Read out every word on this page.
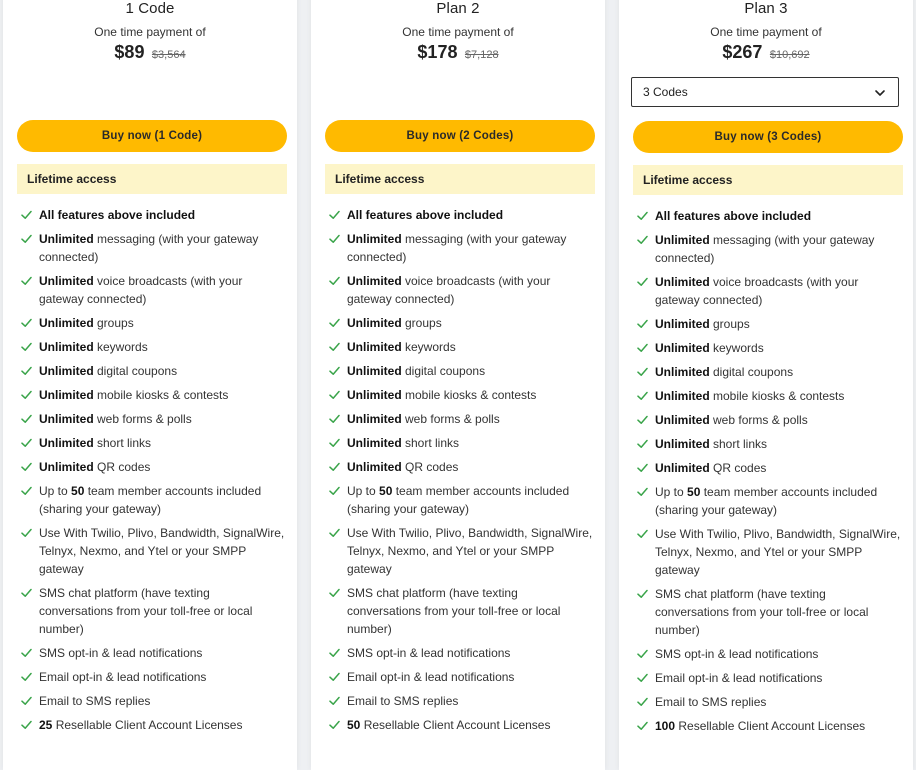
1 Code
One time payment of
$89 $3,564
Buy now (1 Code)
Lifetime access
All features above included
Unlimited messaging (with your gateway connected)
Unlimited voice broadcasts (with your gateway connected)
Unlimited groups
Unlimited keywords
Unlimited digital coupons
Unlimited mobile kiosks & contests
Unlimited web forms & polls
Unlimited short links
Unlimited QR codes
Up to 50 team member accounts included (sharing your gateway)
Use With Twilio, Plivo, Bandwidth, SignalWire, Telnyx, Nexmo, and Ytel or your SMPP gateway
SMS chat platform (have texting conversations from your toll-free or local number)
SMS opt-in & lead notifications
Email opt-in & lead notifications
Email to SMS replies
25 Resellable Client Account Licenses
Plan 2
One time payment of
$178 $7,128
Buy now (2 Codes)
Lifetime access
All features above included
Unlimited messaging (with your gateway connected)
Unlimited voice broadcasts (with your gateway connected)
Unlimited groups
Unlimited keywords
Unlimited digital coupons
Unlimited mobile kiosks & contests
Unlimited web forms & polls
Unlimited short links
Unlimited QR codes
Up to 50 team member accounts included (sharing your gateway)
Use With Twilio, Plivo, Bandwidth, SignalWire, Telnyx, Nexmo, and Ytel or your SMPP gateway
SMS chat platform (have texting conversations from your toll-free or local number)
SMS opt-in & lead notifications
Email opt-in & lead notifications
Email to SMS replies
50 Resellable Client Account Licenses
Plan 3
One time payment of
$267 $10,692
3 Codes
Buy now (3 Codes)
Lifetime access
All features above included
Unlimited messaging (with your gateway connected)
Unlimited voice broadcasts (with your gateway connected)
Unlimited groups
Unlimited keywords
Unlimited digital coupons
Unlimited mobile kiosks & contests
Unlimited web forms & polls
Unlimited short links
Unlimited QR codes
Up to 50 team member accounts included (sharing your gateway)
Use With Twilio, Plivo, Bandwidth, SignalWire, Telnyx, Nexmo, and Ytel or your SMPP gateway
SMS chat platform (have texting conversations from your toll-free or local number)
SMS opt-in & lead notifications
Email opt-in & lead notifications
Email to SMS replies
100 Resellable Client Account Licenses
